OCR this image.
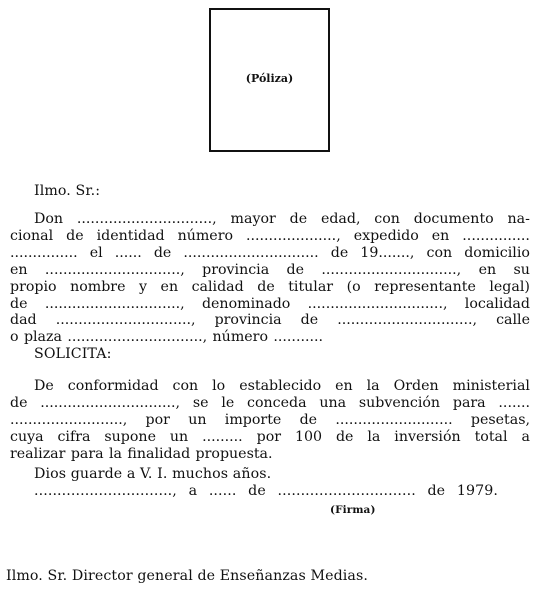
(Póliza)
Ilmo. Sr.:
Don .............................., mayor de edad, con documento na-
cional de identidad número ...................., expedido en ...............
............... el ...... de .............................. de 19......., con domicilio
en .............................., provincia de .............................., en su
propio nombre y en calidad de titular (o representante legal)
de .............................., denominado .............................., localidad
dad .............................., provincia de .............................., calle
o plaza .............................., número ...........
SOLICITA:
De conformidad con lo establecido en la Orden ministerial
de .............................., se le conceda una subvención para .......
........................., por un importe de .......................... pesetas,
cuya cifra supone un ......... por 100 de la inversión total a
realizar para la finalidad propuesta.
Dios guarde a V. I. muchos años.
.............................., a ...... de .............................. de 1979.
(Firma)
Ilmo. Sr. Director general de Enseñanzas Medias.
